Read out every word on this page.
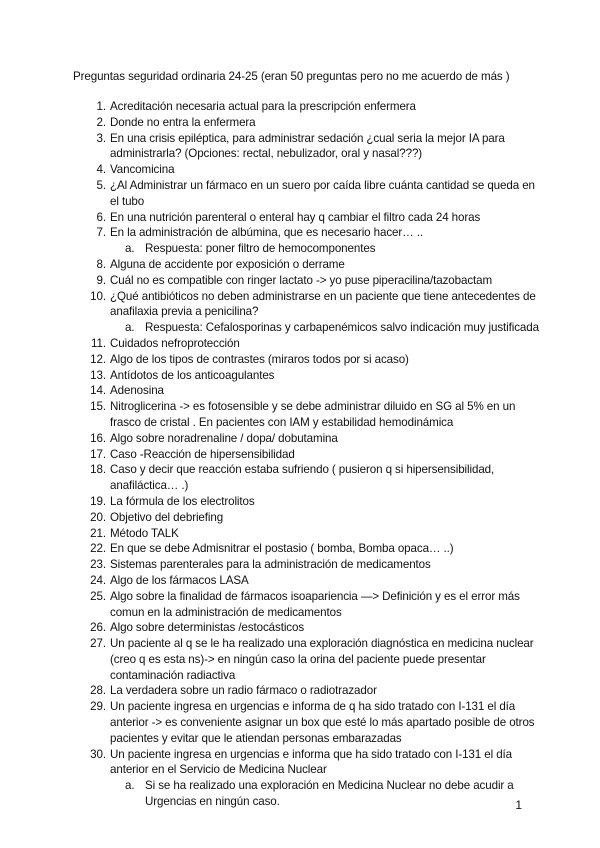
Preguntas seguridad ordinaria 24-25 (eran 50 preguntas pero no me acuerdo de más )
1 . Acreditación necesaria actual para la prescripción enfermera
2 . Donde no entra la enfermera
3 . En una crisis epiléptica, para administrar sedación ¿cual seria la mejor IA para administrarla? (Opciones: rectal, nebulizador, oral y nasal???)
4 . Vancomicina
5 . ¿Al Administrar un fármaco en un suero por caída libre cuánta cantidad se queda en el tubo
6 . En una nutrición parenteral o enteral hay q cambiar el filtro cada 24 horas
7 . En la administración de albúmina, que es necesario hacer… ..
a . Respuesta: poner filtro de hemocomponentes
8 . Alguna de accidente por exposición o derrame
9 . Cuál no es compatible con ringer lactato -> yo puse piperacilina/tazobactam
10 . ¿Qué antibióticos no deben administrarse en un paciente que tiene antecedentes de anafilaxia previa a penicilina?
a . Respuesta: Cefalosporinas y carbapenémicos salvo indicación muy justificada
11 . Cuidados nefroprotección
12 . Algo de los tipos de contrastes (miraros todos por si acaso)
13 . Antídotos de los anticoagulantes
14 . Adenosina
15 . Nitroglicerina -> es fotosensible y se debe administrar diluido en SG al 5% en un frasco de cristal . En pacientes con IAM y estabilidad hemodinámica
16 . Algo sobre noradrenaline / dopa/ dobutamina
17 . Caso -Reacción de hipersensibilidad
18 . Caso y decir que reacción estaba sufriendo ( pusieron q si hipersensibilidad, anafiláctica… .)
19 . La fórmula de los electrolitos
20 . Objetivo del debriefing
21 . Método TALK
22 . En que se debe Admisnitrar el postasio ( bomba, Bomba opaca… ..)
23 . Sistemas parenterales para la administración de medicamentos
24 . Algo de los fármacos LASA
25 . Algo sobre la finalidad de fármacos isoapariencia —> Definición y es el error más comun en la administración de medicamentos
26 . Algo sobre deterministas /estocásticos
27 . Un paciente al q se le ha realizado una exploración diagnóstica en medicina nuclear (creo q es esta ns)-> en ningún caso la orina del paciente puede presentar contaminación radiactiva
28 . La verdadera sobre un radio fármaco o radiotrazador
29 . Un paciente ingresa en urgencias e informa de q ha sido tratado con I-131 el día anterior -> es conveniente asignar un box que esté lo más apartado posible de otros pacientes y evitar que le atiendan personas embarazadas
30 . Un paciente ingresa en urgencias e informa que ha sido tratado con I-131 el día anterior en el Servicio de Medicina Nuclear
a . Si se ha realizado una exploración en Medicina Nuclear no debe acudir a Urgencias en ningún caso.	1
